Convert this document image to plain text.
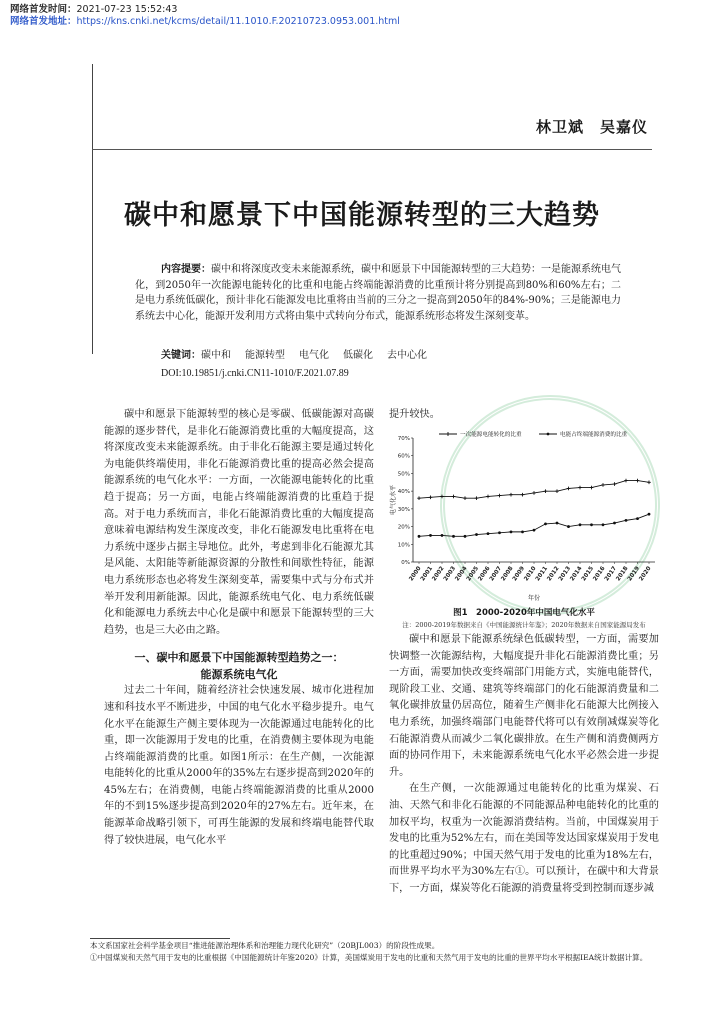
网络首发时间：2021-07-23 15:52:43
网络首发地址：https://kns.cnki.net/kcms/detail/11.1010.F.20210723.0953.001.html
林卫斌　吴嘉仪
碳中和愿景下中国能源转型的三大趋势
内容提要：碳中和将深度改变未来能源系统，碳中和愿景下中国能源转型的三大趋势：一是能源系统电气化，到2050年一次能源电能转化的比重和电能占终端能源消费的比重预计将分别提高到80%和60%左右；二是电力系统低碳化，预计非化石能源发电比重将由当前的三分之一提高到2050年的84%-90%；三是能源电力系统去中心化，能源开发利用方式将由集中式转向分布式，能源系统形态将发生深刻变革。
关键词：碳中和 能源转型 电气化 低碳化 去中心化
DOI:10.19851/j.cnki.CN11-1010/F.2021.07.89

碳中和愿景下能源转型的核心是零碳、低碳能源对高碳能源的逐步替代，是非化石能源消费比重的大幅度提高，这将深度改变未来能源系统。由于非化石能源主要是通过转化为电能供终端使用，非化石能源消费比重的提高必然会提高能源系统的电气化水平：一方面，一次能源电能转化的比重趋于提高；另一方面，电能占终端能源消费的比重趋于提高。对于电力系统而言，非化石能源消费比重的大幅度提高意味着电源结构发生深度改变，非化石能源发电比重将在电力系统中逐步占据主导地位。此外，考虑到非化石能源尤其是风能、太阳能等新能源资源的分散性和间歇性特征，能源电力系统形态也必将发生深刻变革，需要集中式与分布式并举开发利用新能源。因此，能源系统电气化、电力系统低碳化和能源电力系统去中心化是碳中和愿景下能源转型的三大趋势，也是三大必由之路。

一、碳中和愿景下中国能源转型趋势之一：

能源系统电气化

过去二十年间，随着经济社会快速发展、城市化进程加速和科技水平不断进步，中国的电气化水平稳步提升。电气化水平在能源生产侧主要体现为一次能源通过电能转化的比重，即一次能源用于发电的比重，在消费侧主要体现为电能占终端能源消费的比重。如图1所示：在生产侧，一次能源电能转化的比重从2000年的35%左右逐步提高到2020年的45%左右；在消费侧，电能占终端能源消费的比重从2000年的不到15%逐步提高到2020年的27%左右。近年来，在能源革命战略引领下，可再生能源的发展和终端电能替代取得了较快进展，电气化水平

提升较快。

0%
10%
20%
30%
40%
50%
60%
70%
电气化水平
2000
2001
2002
2003
2004
2005
2006
2007
2008
2009
2010
2011
2012
2013
2014
2015
2016
2017
2018
2019
2020
年份
一次能源电能转化的比重	电能占终端能源消费的比重
图1　2000-2020年中国电气化水平
注：2000-2019年数据来自《中国能源统计年鉴》；2020年数据来自国家能源局发布

碳中和愿景下能源系统绿色低碳转型，一方面，需要加快调整一次能源结构，大幅度提升非化石能源消费比重；另一方面，需要加快改变终端部门用能方式，实施电能替代，现阶段工业、交通、建筑等终端部门的化石能源消费量和二氧化碳排放量仍居高位，随着生产侧非化石能源大比例接入电力系统，加强终端部门电能替代将可以有效削减煤炭等化石能源消费从而减少二氧化碳排放。在生产侧和消费侧两方面的协同作用下，未来能源系统电气化水平必然会进一步提升。

在生产侧，一次能源通过电能转化的比重为煤炭、石油、天然气和非化石能源的不同能源品种电能转化的比重的加权平均，权重为一次能源消费结构。当前，中国煤炭用于发电的比重为52%左右，而在美国等发达国家煤炭用于发电的比重超过90%；中国天然气用于发电的比重为18%左右，而世界平均水平为30%左右①。可以预计，在碳中和大背景下，一方面，煤炭等化石能源的消费量将受到控制而逐步减

本文系国家社会科学基金项目“推进能源治理体系和治理能力现代化研究”（20BJL003）的阶段性成果。
①中国煤炭和天然气用于发电的比重根据《中国能源统计年鉴2020》计算，美国煤炭用于发电的比重和天然气用于发电的比重的世界平均水平根据IEA统计数据计算。
